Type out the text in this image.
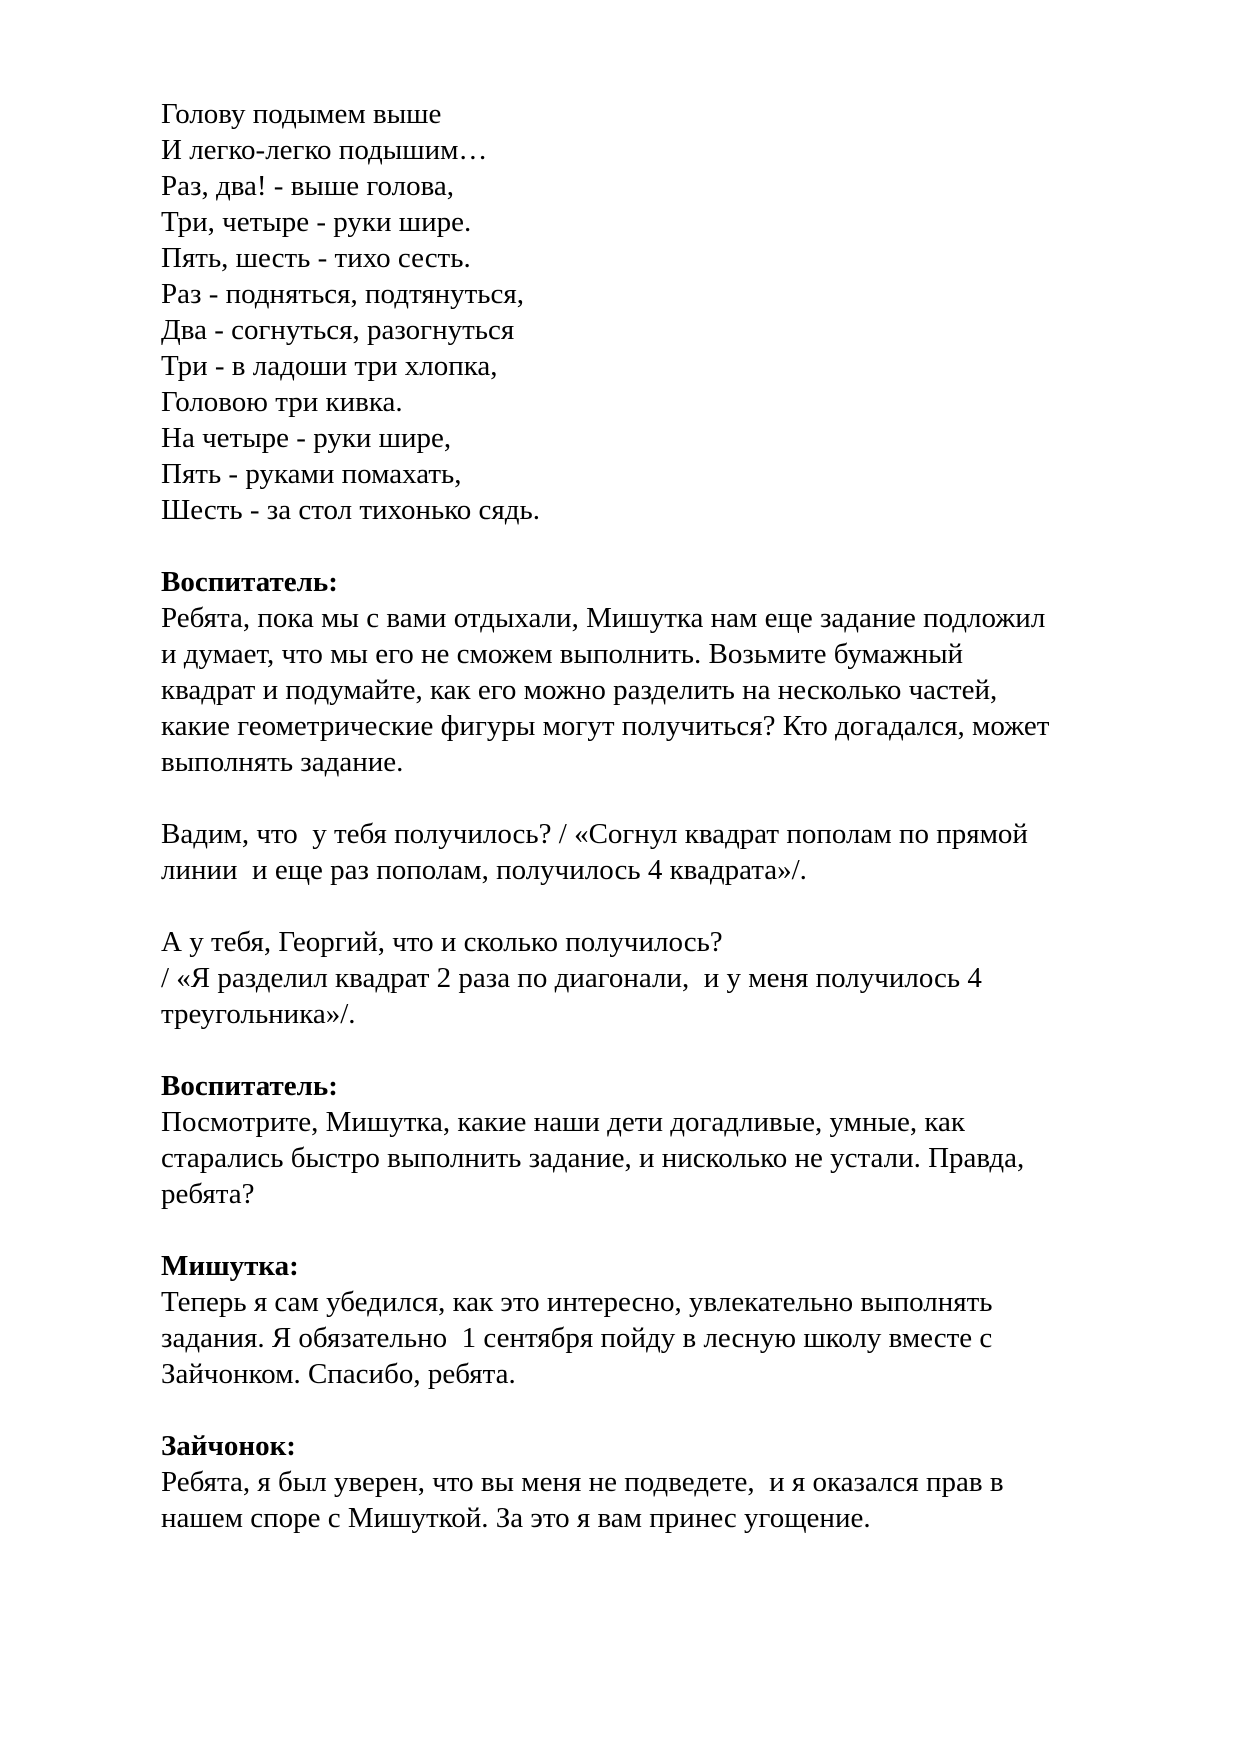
Голову подымем выше
И легко-легко подышим…
Раз, два! - выше голова,
Три, четыре - руки шире.
Пять, шесть - тихо сесть.
Раз - подняться, подтянуться,
Два - согнуться, разогнуться
Три - в ладоши три хлопка,
Головою три кивка.
На четыре - руки шире,
Пять - руками помахать,
Шесть - за стол тихонько сядь.
Воспитатель:
Ребята, пока мы с вами отдыхали, Мишутка нам еще задание подложил
и думает, что мы его не сможем выполнить. Возьмите бумажный
квадрат и подумайте, как его можно разделить на несколько частей,
какие геометрические фигуры могут получиться? Кто догадался, может
выполнять задание.
Вадим, что  у тебя получилось? / «Согнул квадрат пополам по прямой
линии  и еще раз пополам, получилось 4 квадрата»/.
А у тебя, Георгий, что и сколько получилось?
/ «Я разделил квадрат 2 раза по диагонали,  и у меня получилось 4
треугольника»/.
Воспитатель:
Посмотрите, Мишутка, какие наши дети догадливые, умные, как
старались быстро выполнить задание, и нисколько не устали. Правда,
ребята?
Мишутка:
Теперь я сам убедился, как это интересно, увлекательно выполнять
задания. Я обязательно  1 сентября пойду в лесную школу вместе с
Зайчонком. Спасибо, ребята.
Зайчонок:
Ребята, я был уверен, что вы меня не подведете,  и я оказался прав в
нашем споре с Мишуткой. За это я вам принес угощение.
